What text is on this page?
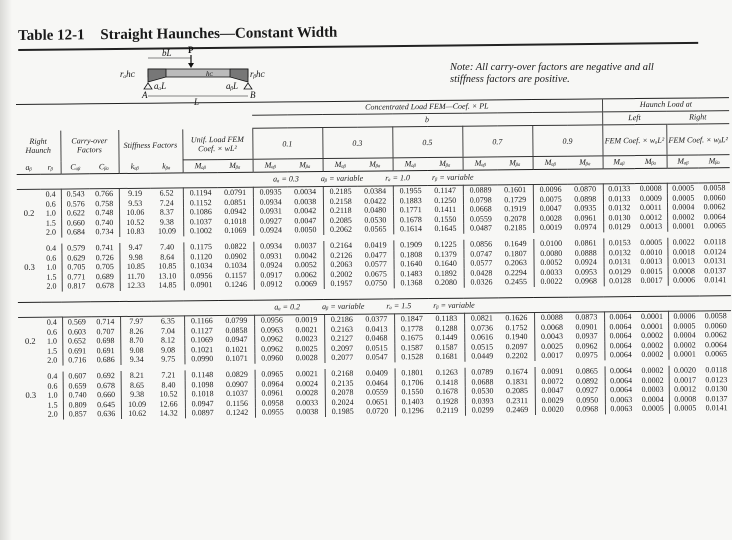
Table 12-1 Straight Haunches—Constant Width
P
bL
rₐhᴄ	rᵦhᴄ
hᴄ
A	B
aₐL	aᵦL
L
Note: All carry-over factors are negative and all stiffness factors are positive.
								Concentrated Load FEM—Coef. × PL										Haunch Load at			
								b										Left		Right	
Right Haunch		Carry-over Factors		Stiffness Factors		Unif. Load FEM Coef. × wL²		0.1		0.3		0.5		0.7		0.9		FEM Coef. × wₐL²		FEM Coef. × wᵦL²	
aᵦ	rᵦ	Cₐᵦ	Cᵦₐ	kₐᵦ	kᵦₐ	Mₐᵦ	Mᵦₐ	Mₐᵦ	Mᵦₐ	Mₐᵦ	Mᵦₐ	Mₐᵦ	Mᵦₐ	Mₐᵦ	Mᵦₐ	Mₐᵦ	Mᵦₐ	Mₐᵦ	Mᵦₐ	Mₐᵦ	Mᵦₐ
aₐ = 0.3 aᵦ = variable rₐ = 1.0 rᵦ = variable																					
0.2	0.4	0.543	0.766	9.19	6.52	0.1194	0.0791	0.0935	0.0034	0.2185	0.0384	0.1955	0.1147	0.0889	0.1601	0.0096	0.0870	0.0133	0.0008	0.0005	0.0058
	0.6	0.576	0.758	9.53	7.24	0.1152	0.0851	0.0934	0.0038	0.2158	0.0422	0.1883	0.1250	0.0798	0.1729	0.0075	0.0898	0.0133	0.0009	0.0005	0.0060
	1.0	0.622	0.748	10.06	8.37	0.1086	0.0942	0.0931	0.0042	0.2118	0.0480	0.1771	0.1411	0.0668	0.1919	0.0047	0.0935	0.0132	0.0011	0.0004	0.0062
	1.5	0.660	0.740	10.52	9.38	0.1037	0.1018	0.0927	0.0047	0.2085	0.0530	0.1678	0.1550	0.0559	0.2078	0.0028	0.0961	0.0130	0.0012	0.0002	0.0064
	2.0	0.684	0.734	10.83	10.09	0.1002	0.1069	0.0924	0.0050	0.2062	0.0565	0.1614	0.1645	0.0487	0.2185	0.0019	0.0974	0.0129	0.0013	0.0001	0.0065

0.3	0.4	0.579	0.741	9.47	7.40	0.1175	0.0822	0.0934	0.0037	0.2164	0.0419	0.1909	0.1225	0.0856	0.1649	0.0100	0.0861	0.0153	0.0005	0.0022	0.0118
	0.6	0.629	0.726	9.98	8.64	0.1120	0.0902	0.0931	0.0042	0.2126	0.0477	0.1808	0.1379	0.0747	0.1807	0.0080	0.0888	0.0132	0.0010	0.0018	0.0124
	1.0	0.705	0.705	10.85	10.85	0.1034	0.1034	0.0924	0.0052	0.2063	0.0577	0.1640	0.1640	0.0577	0.2063	0.0052	0.0924	0.0131	0.0013	0.0013	0.0131
	1.5	0.771	0.689	11.70	13.10	0.0956	0.1157	0.0917	0.0062	0.2002	0.0675	0.1483	0.1892	0.0428	0.2294	0.0033	0.0953	0.0129	0.0015	0.0008	0.0137
	2.0	0.817	0.678	12.33	14.85	0.0901	0.1246	0.0912	0.0069	0.1957	0.0750	0.1368	0.2080	0.0326	0.2455	0.0022	0.0968	0.0128	0.0017	0.0006	0.0141

aₐ = 0.2 aᵦ = variable rₐ = 1.5 rᵦ = variable																					
0.2	0.4	0.569	0.714	7.97	6.35	0.1166	0.0799	0.0956	0.0019	0.2186	0.0377	0.1847	0.1183	0.0821	0.1626	0.0088	0.0873	0.0064	0.0001	0.0006	0.0058
	0.6	0.603	0.707	8.26	7.04	0.1127	0.0858	0.0963	0.0021	0.2163	0.0413	0.1778	0.1288	0.0736	0.1752	0.0068	0.0901	0.0064	0.0001	0.0005	0.0060
	1.0	0.652	0.698	8.70	8.12	0.1069	0.0947	0.0962	0.0023	0.2127	0.0468	0.1675	0.1449	0.0616	0.1940	0.0043	0.0937	0.0064	0.0002	0.0004	0.0062
	1.5	0.691	0.691	9.08	9.08	0.1021	0.1021	0.0962	0.0025	0.2097	0.0515	0.1587	0.1587	0.0515	0.2097	0.0025	0.0962	0.0064	0.0002	0.0002	0.0064
	2.0	0.716	0.686	9.34	9.75	0.0990	0.1071	0.0960	0.0028	0.2077	0.0547	0.1528	0.1681	0.0449	0.2202	0.0017	0.0975	0.0064	0.0002	0.0001	0.0065

0.3	0.4	0.607	0.692	8.21	7.21	0.1148	0.0829	0.0965	0.0021	0.2168	0.0409	0.1801	0.1263	0.0789	0.1674	0.0091	0.0865	0.0064	0.0002	0.0020	0.0118
	0.6	0.659	0.678	8.65	8.40	0.1098	0.0907	0.0964	0.0024	0.2135	0.0464	0.1706	0.1418	0.0688	0.1831	0.0072	0.0892	0.0064	0.0002	0.0017	0.0123
	1.0	0.740	0.660	9.38	10.52	0.1018	0.1037	0.0961	0.0028	0.2078	0.0559	0.1550	0.1678	0.0530	0.2085	0.0047	0.0927	0.0064	0.0003	0.0012	0.0130
	1.5	0.809	0.645	10.09	12.66	0.0947	0.1156	0.0958	0.0033	0.2024	0.0651	0.1403	0.1928	0.0393	0.2311	0.0029	0.0950	0.0063	0.0004	0.0008	0.0137
	2.0	0.857	0.636	10.62	14.32	0.0897	0.1242	0.0955	0.0038	0.1985	0.0720	0.1296	0.2119	0.0299	0.2469	0.0020	0.0968	0.0063	0.0005	0.0005	0.0141
